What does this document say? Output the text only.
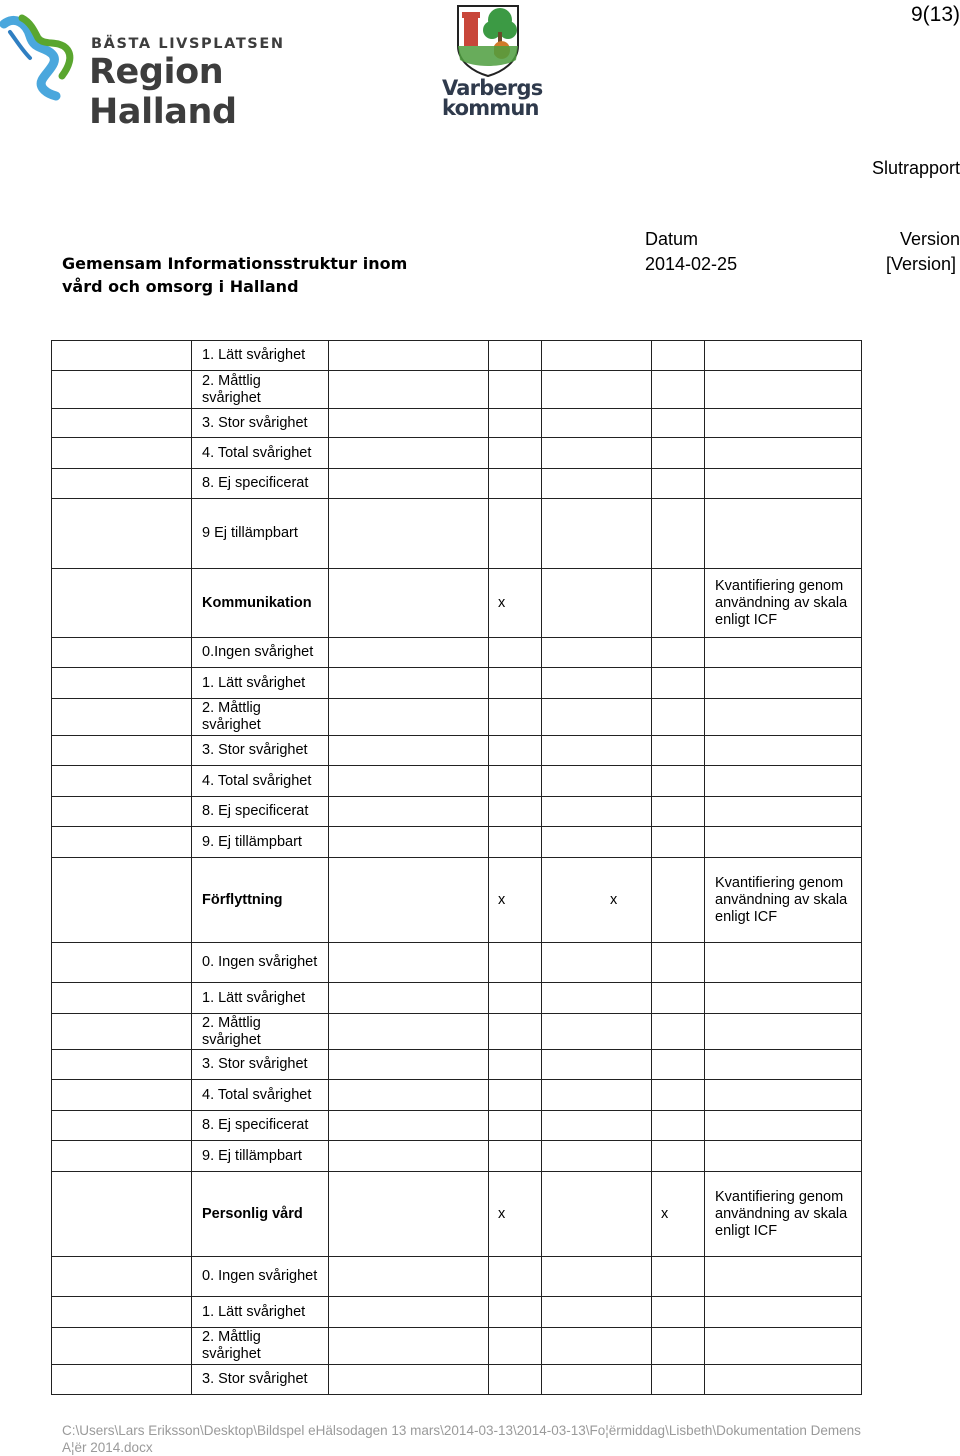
BÄSTA LIVSPLATSEN
Region Halland
Varbergs
kommun
9(13)
Slutrapport
Gemensam Informationsstruktur inom vård och omsorg i Halland
Datum
2014-02-25
Version
[Version]
	1. Lätt svårighet					
	2. Måttlig svårighet					
	3. Stor svårighet					
	4. Total svårighet					
	8. Ej specificerat					
	9 Ej tillämpbart					
	Kommunikation		x			Kvantifiering genom användning av skala enligt ICF
	0.Ingen svårighet					
	1. Lätt svårighet					
	2. Måttlig svårighet					
	3. Stor svårighet					
	4. Total svårighet					
	8. Ej specificerat					
	9. Ej tillämpbart					
	Förflyttning		x	x		Kvantifiering genom användning av skala enligt ICF
	0. Ingen svårighet					
	1. Lätt svårighet					
	2. Måttlig svårighet					
	3. Stor svårighet					
	4. Total svårighet					
	8. Ej specificerat					
	9. Ej tillämpbart					
	Personlig vård		x		x	Kvantifiering genom användning av skala enligt ICF
	0. Ingen svårighet					
	1. Lätt svårighet					
	2. Måttlig svårighet					
	3. Stor svårighet					
C:\Users\Lars Eriksson\Desktop\Bildspel eHälsodagen 13 mars\2014-03-13\2014-03-13\Fo¦ërmiddag\Lisbeth\Dokumentation Demens A¦ër 2014.docx
